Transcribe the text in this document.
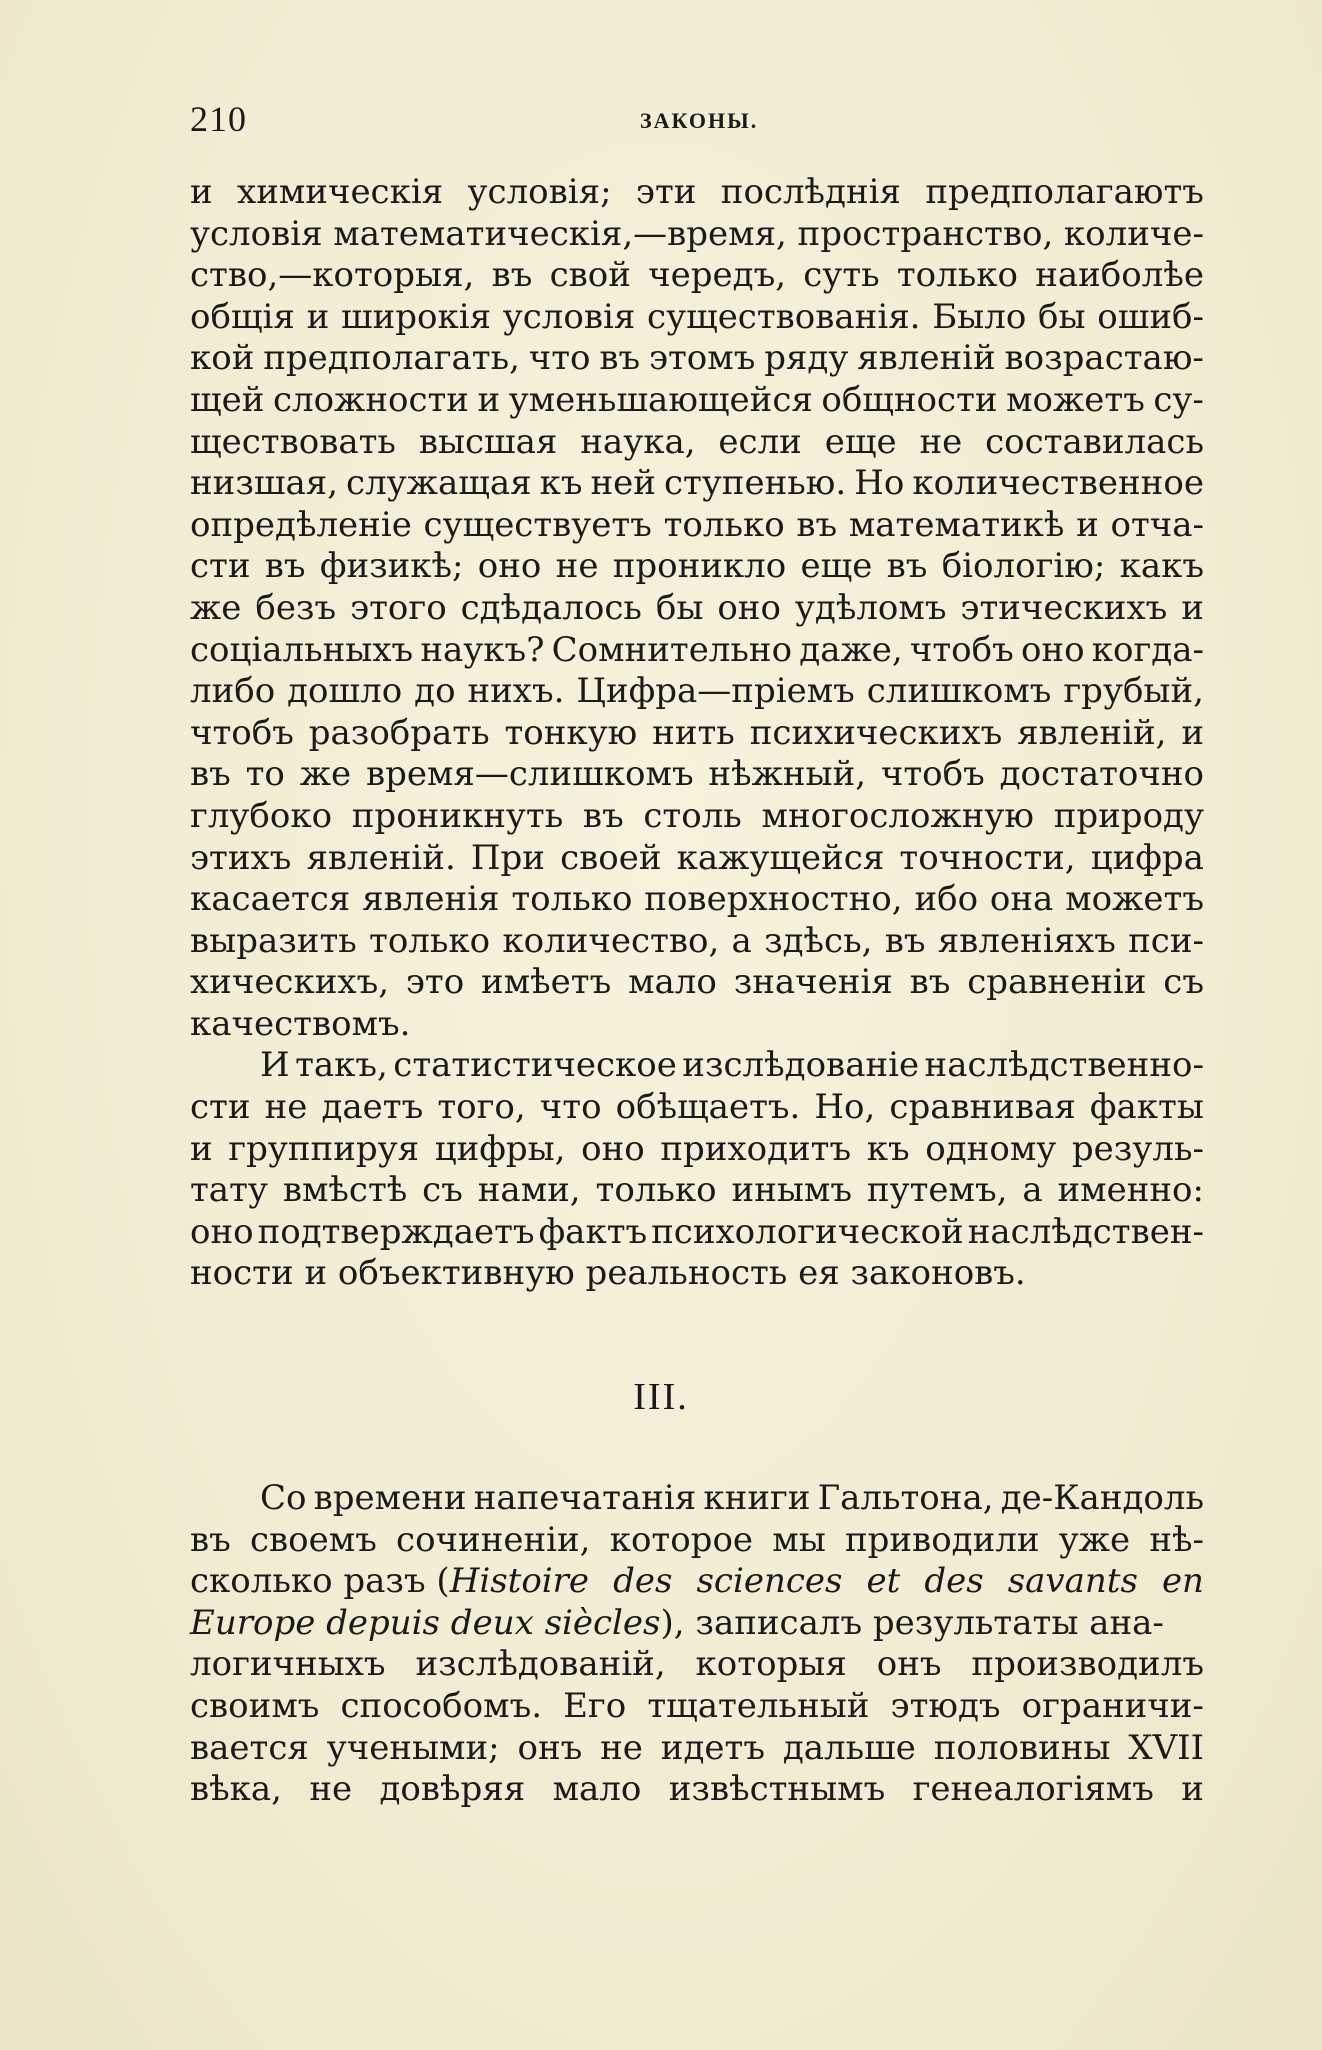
210	ЗАКОНЫ.
и химическія условія; эти послѣднія предполагаютъ
условія математическія,—время, пространство, количе-
ство,—которыя, въ свой чередъ, суть только наиболѣе
общія и широкія условія существованія. Было бы ошиб-
кой предполагать, что въ этомъ ряду явленій возрастаю-
щей сложности и уменьшающейся общности можетъ су-
ществовать высшая наука, если еще не составилась
низшая, служащая къ ней ступенью. Но количественное
опредѣленіе существуетъ только въ математикѣ и отча-
сти въ физикѣ; оно не проникло еще въ біологію; какъ
же безъ этого сдѣдалось бы оно удѣломъ этическихъ и
соціальныхъ наукъ? Сомнительно даже, чтобъ оно когда-
либо дошло до нихъ. Цифра—пріемъ слишкомъ грубый,
чтобъ разобрать тонкую нить психическихъ явленій, и
въ то же время—слишкомъ нѣжный, чтобъ достаточно
глубоко проникнуть въ столь многосложную природу
этихъ явленій. При своей кажущейся точности, цифра
касается явленія только поверхностно, ибо она можетъ
выразить только количество, а здѣсь, въ явленіяхъ пси-
хическихъ, это имѣетъ мало значенія въ сравненіи съ
качествомъ.
И такъ, статистическое изслѣдованіе наслѣдственно-
сти не даетъ того, что обѣщаетъ. Но, сравнивая факты
и группируя цифры, оно приходитъ къ одному резуль-
тату вмѣстѣ съ нами, только инымъ путемъ, а именно:
оно подтверждаетъ фактъ психологической наслѣдствен-
ности и объективную реальность ея законовъ.
III.
Со времени напечатанія книги Гальтона, де-Кандоль
въ своемъ сочиненіи, которое мы приводили уже нѣ-
сколько разъ ( Histoire des sciences et des savants en
Europe depuis deux siècles ), записалъ результаты ана-
логичныхъ изслѣдованій, которыя онъ производилъ
своимъ способомъ. Его тщательный этюдъ ограничи-
вается учеными; онъ не идетъ дальше половины XVII
вѣка, не довѣряя мало извѣстнымъ генеалогіямъ и
